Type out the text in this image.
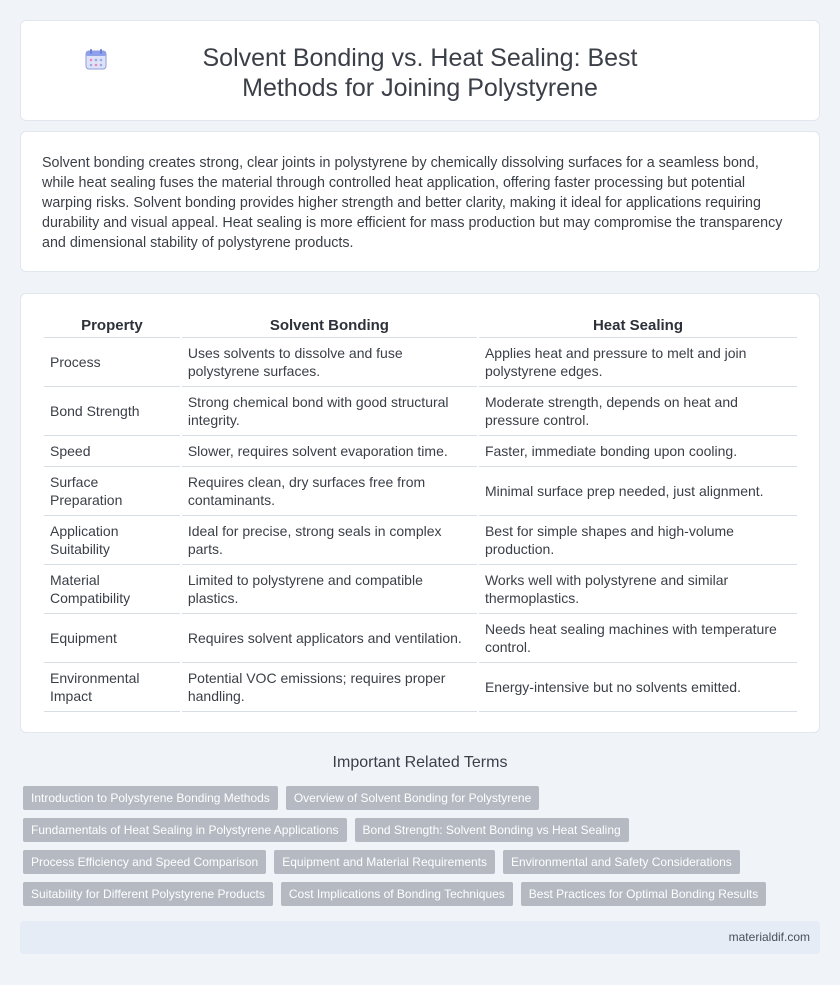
Solvent Bonding vs. Heat Sealing: Best Methods for Joining Polystyrene

Solvent bonding creates strong, clear joints in polystyrene by chemically dissolving surfaces for a seamless bond, while heat sealing fuses the material through controlled heat application, offering faster processing but potential warping risks. Solvent bonding provides higher strength and better clarity, making it ideal for applications requiring durability and visual appeal. Heat sealing is more efficient for mass production but may compromise the transparency and dimensional stability of polystyrene products.

Property	Solvent Bonding	Heat Sealing
Process	Uses solvents to dissolve and fuse polystyrene surfaces.	Applies heat and pressure to melt and join polystyrene edges.
Bond Strength	Strong chemical bond with good structural integrity.	Moderate strength, depends on heat and pressure control.
Speed	Slower, requires solvent evaporation time.	Faster, immediate bonding upon cooling.
Surface Preparation	Requires clean, dry surfaces free from contaminants.	Minimal surface prep needed, just alignment.
Application Suitability	Ideal for precise, strong seals in complex parts.	Best for simple shapes and high-volume production.
Material Compatibility	Limited to polystyrene and compatible plastics.	Works well with polystyrene and similar thermoplastics.
Equipment	Requires solvent applicators and ventilation.	Needs heat sealing machines with temperature control.
Environmental Impact	Potential VOC emissions; requires proper handling.	Energy-intensive but no solvents emitted.
Important Related Terms
Introduction to Polystyrene Bonding Methods	Overview of Solvent Bonding for Polystyrene
Fundamentals of Heat Sealing in Polystyrene Applications	Bond Strength: Solvent Bonding vs Heat Sealing
Process Efficiency and Speed Comparison	Equipment and Material Requirements	Environmental and Safety Considerations
Suitability for Different Polystyrene Products	Cost Implications of Bonding Techniques	Best Practices for Optimal Bonding Results
materialdif.com
